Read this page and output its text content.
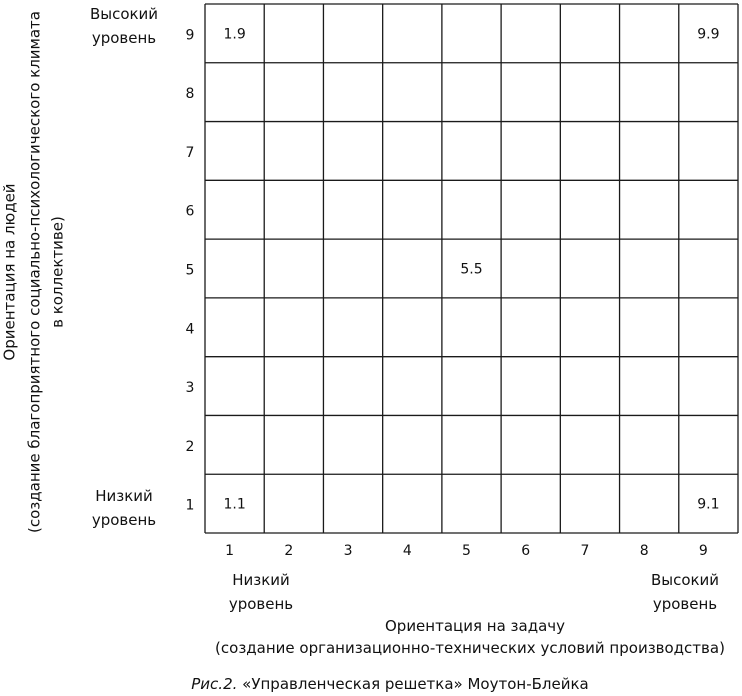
Ориентация на людей (создание благоприятного социально-психологического климата в коллективе)
Высокий
уровень
Низкий
уровень
1
2
3
4
5
6
7
8
9
1	2	3	4	5	6	7	8	9
1.9	9.9
5.5
1.1	9.1
Низкий
уровень
Высокий
уровень
Ориентация на задачу
(создание организационно-технических условий производства)
Рис.2. «Управленческая решетка» Моутон-Блейка
